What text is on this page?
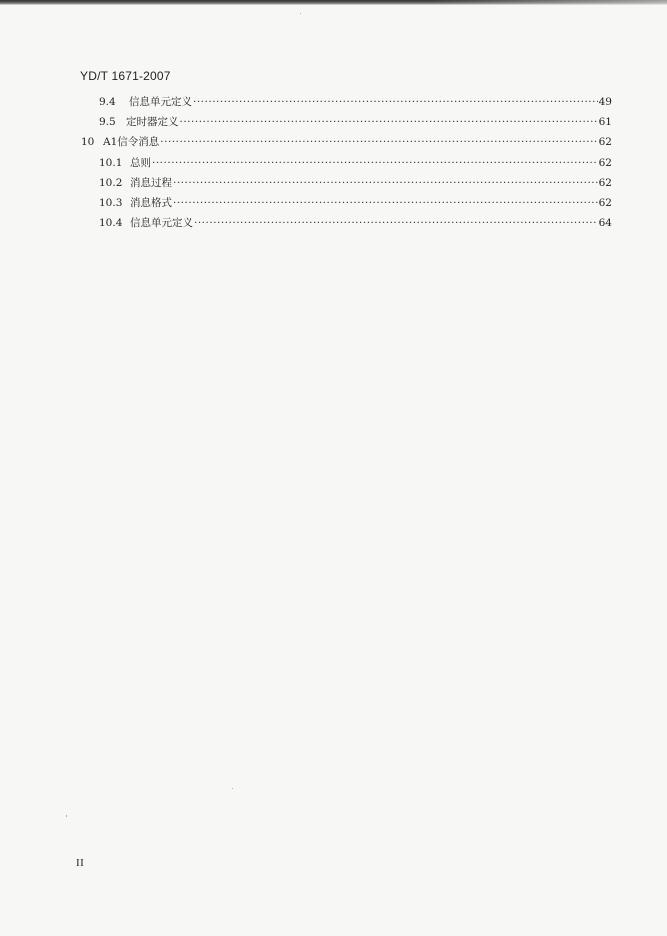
YD/T 1671-2007
9.4	信息单元定义 ·····	49
9.5 定时器定义 ·····	61
10 A1信令消息 ·····	62
10.1 总则 ·····	62
10.2 消息过程 ·····	62
10.3 消息格式 ·····	62
10.4 信息单元定义 ·····	64
II
